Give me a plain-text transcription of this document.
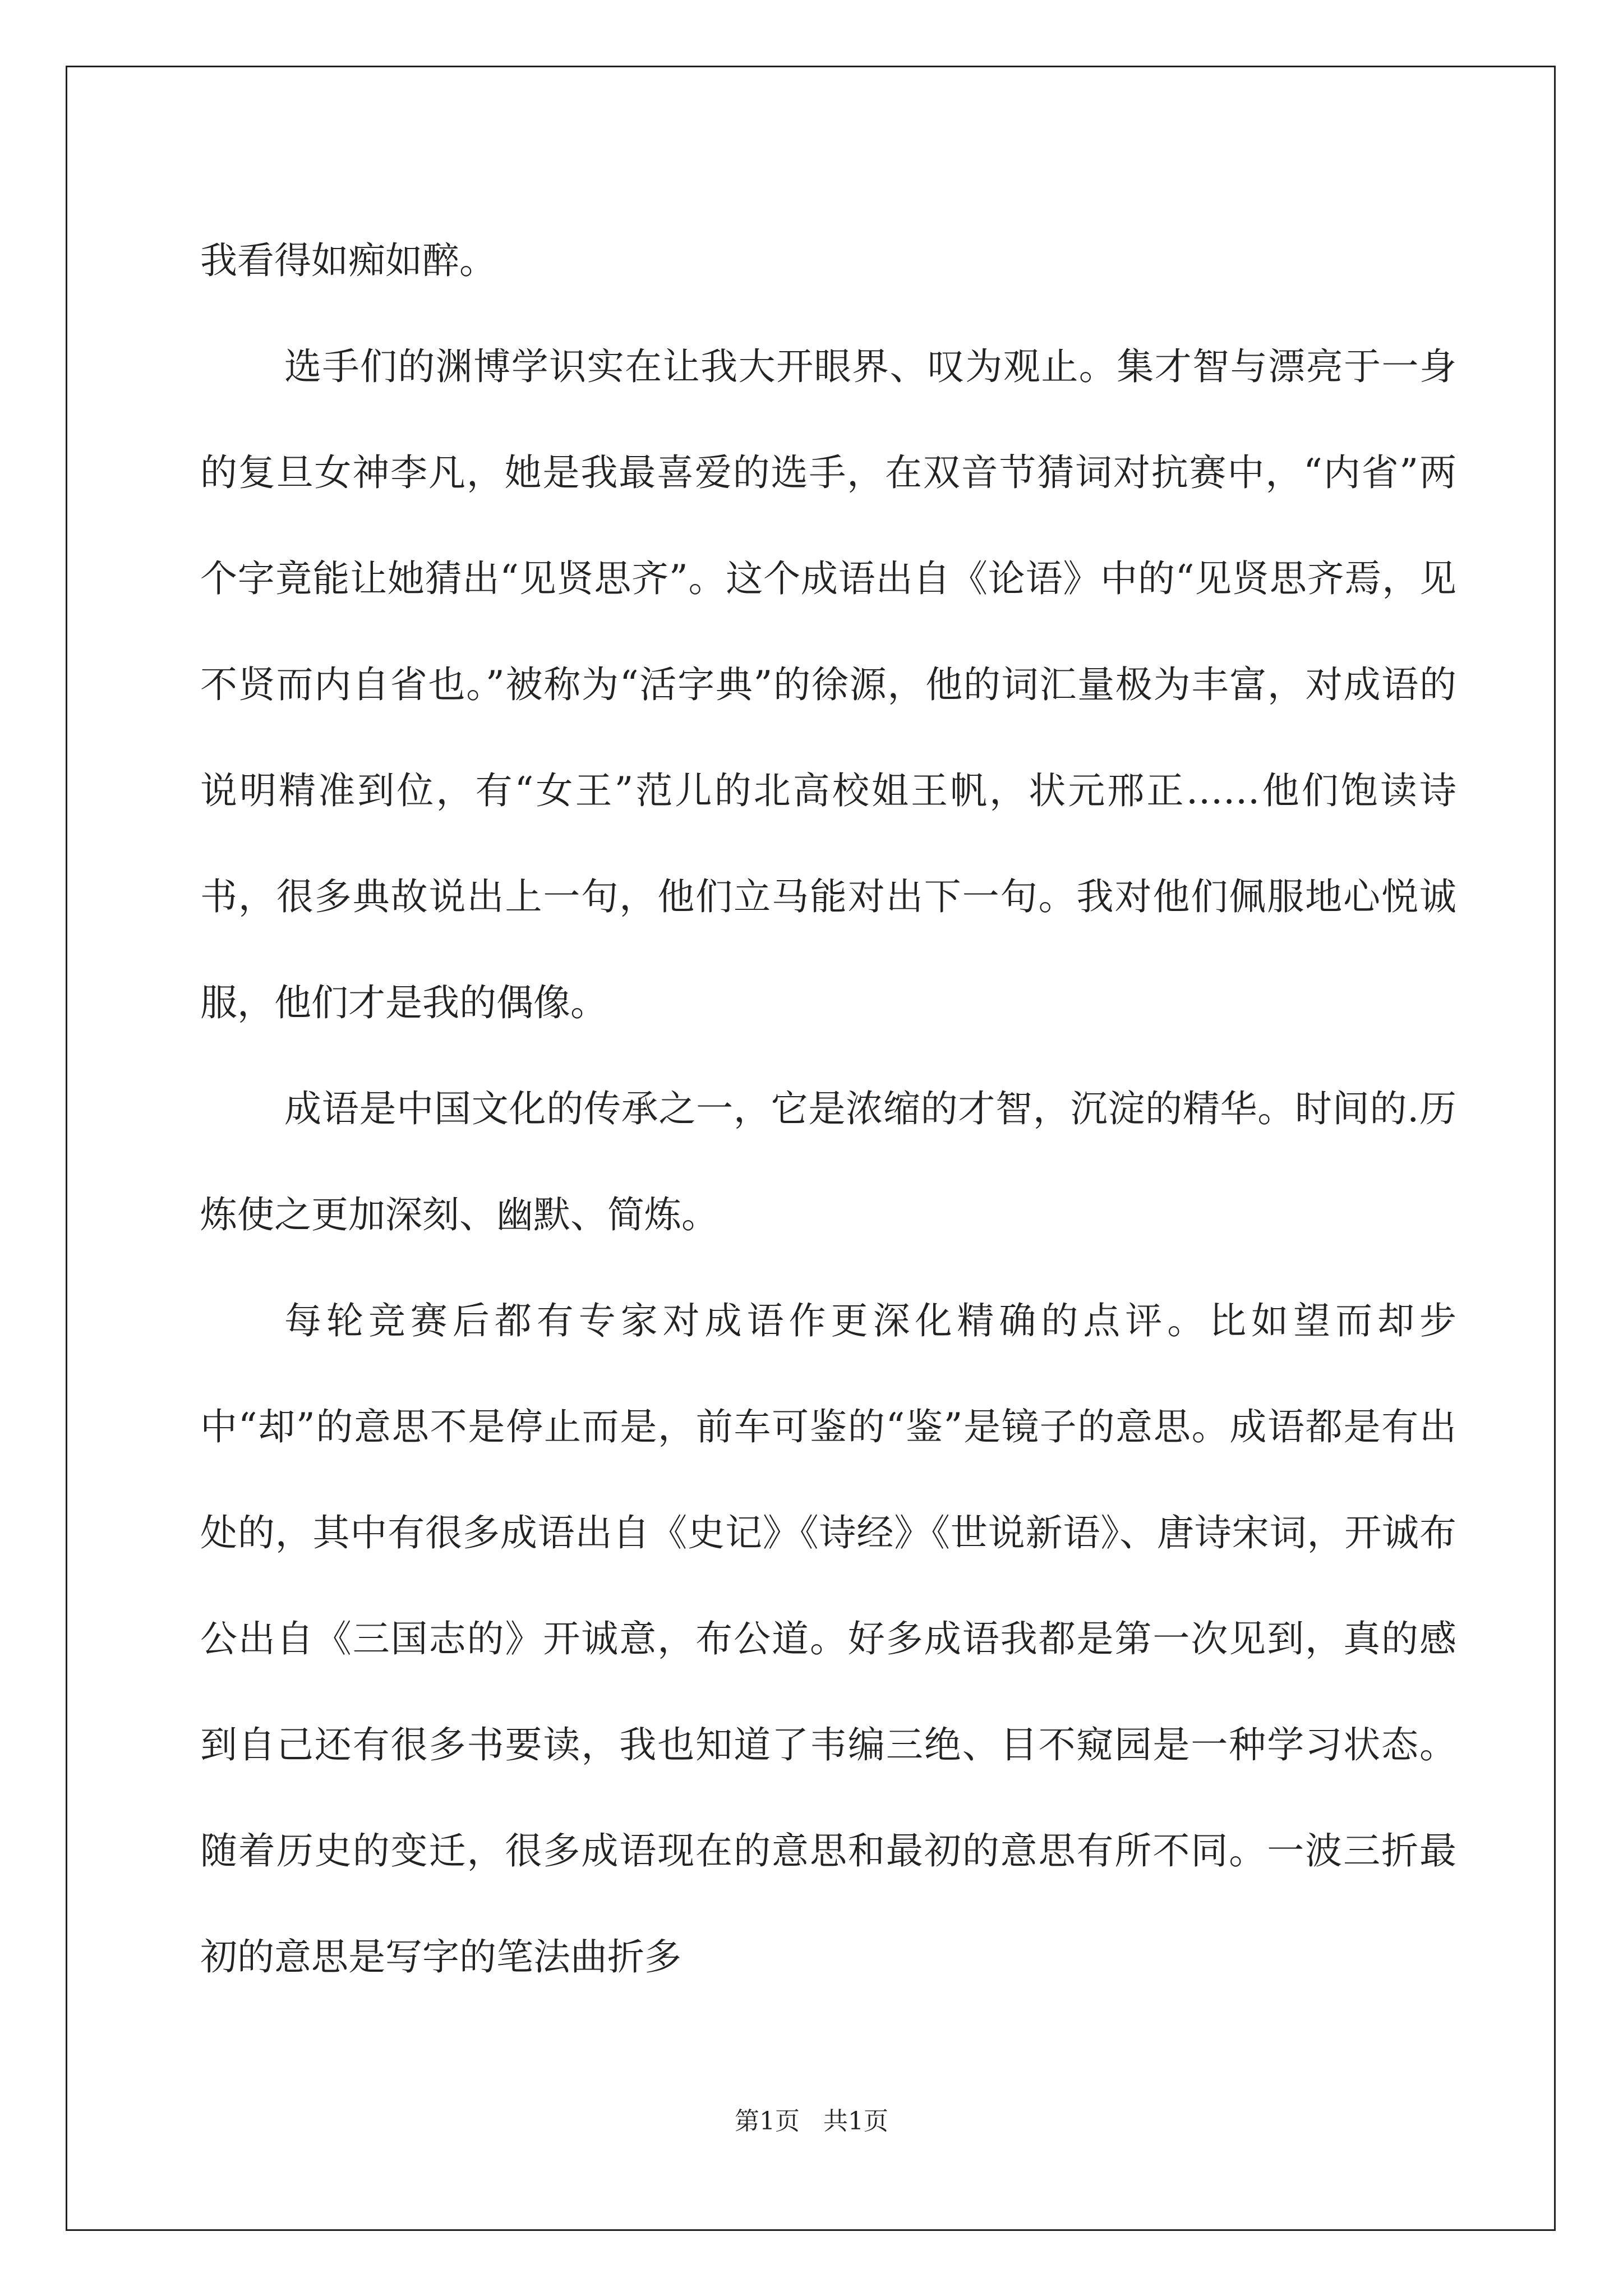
我看得如痴如醉。

选手们的渊博学识实在让我大开眼界、叹为观止。集才智与漂亮于一身的复旦女神李凡，她是我最喜爱的选手，在双音节猜词对抗赛中，“内省”两个字竟能让她猜出“见贤思齐”。这个成语出自《论语》中的“见贤思齐焉，见不贤而内自省也。”被称为“活字典”的徐源，他的词汇量极为丰富，对成语的说明精准到位，有“女王”范儿的北高校姐王帆，状元邢正……他们饱读诗书，很多典故说出上一句，他们立马能对出下一句。我对他们佩服地心悦诚服，他们才是我的偶像。

成语是中国文化的传承之一，它是浓缩的才智，沉淀的精华。时间的.历炼使之更加深刻、幽默、简炼。

每轮竞赛后都有专家对成语作更深化精确的点评。比如望而却步中“却”的意思不是停止而是，前车可鉴的“鉴”是镜子的意思。成语都是有出处的，其中有很多成语出自《史记》《诗经》《世说新语》、唐诗宋词，开诚布公出自《三国志的》开诚意，布公道。好多成语我都是第一次见到，真的感到自己还有很多书要读，我也知道了韦编三绝、目不窥园是一种学习状态。随着历史的变迁，很多成语现在的意思和最初的意思有所不同。一波三折最初的意思是写字的笔法曲折多

第1页   共1页
